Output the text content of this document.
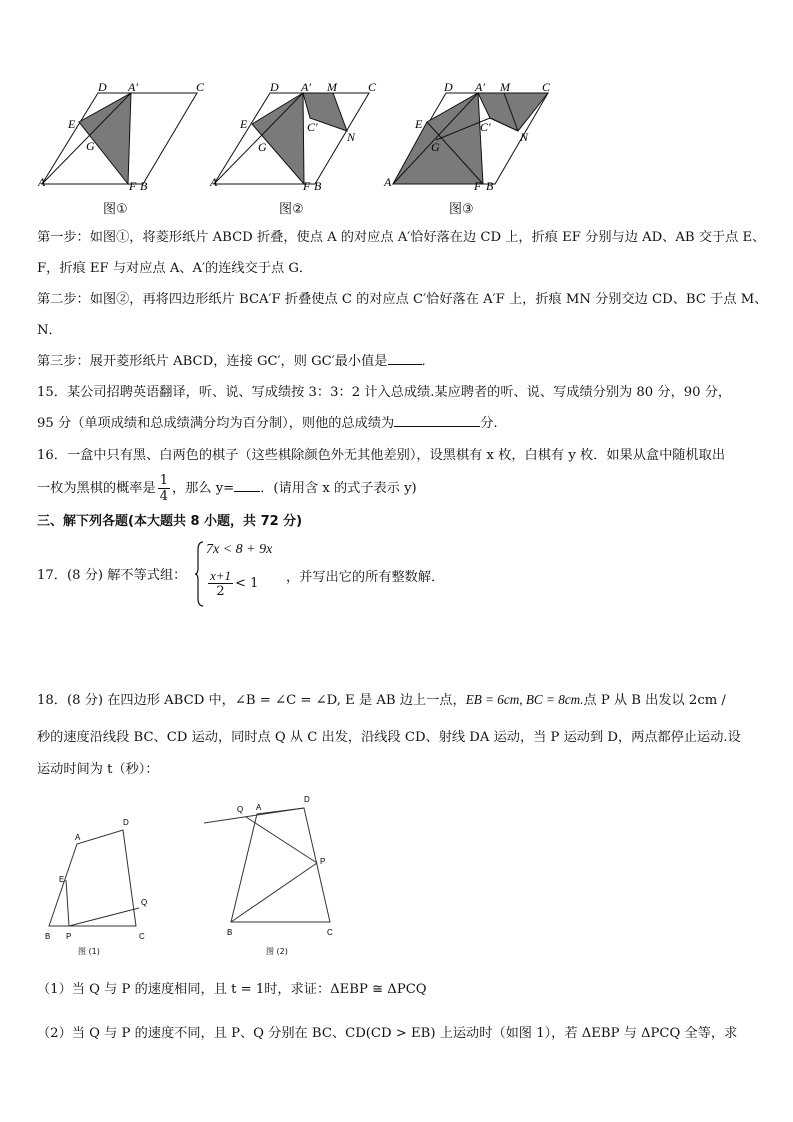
D A′	C
E
G
A	F B
D A′ M	C
E	C′
N
G
A	F B
D A′ M	C
E	C′
N
G
A	F B
图①	图②	图③
第一步：如图①，将菱形纸片 ABCD 折叠，使点 A 的对应点 A′恰好落在边 CD 上，折痕 EF 分别与边 AD、AB 交于点 E、
F，折痕 EF 与对应点 A、A′的连线交于点 G．
第二步：如图②，再将四边形纸片 BCA′F 折叠使点 C 的对应点 C′恰好落在 A′F 上，折痕 MN 分别交边 CD、BC 于点 M、
N．
第三步：展开菱形纸片 ABCD，连接 GC′，则 GC′最小值是	．
15．某公司招聘英语翻译，听、说、写成绩按 3：3：2 计入总成绩.某应聘者的听、说、写成绩分别为 80 分，90 分，
95 分（单项成绩和总成绩满分均为百分制），则他的总成绩为	分.
16．一盒中只有黑、白两色的棋子（这些棋除颜色外无其他差别），设黑棋有 x 枚，白棋有 y 枚．如果从盒中随机取出
一枚为黑棋的概率是 $\frac{1}{4}$ ，那么 y= ．(请用含 x 的式子表示 y)
三、解下列各题(本大题共 8 小题，共 72 分)
17．(8 分) 解不等式组：
7x < 8 + 9x
$\frac{x+1}{2} < 1$ ，并写出它的所有整数解．
18．(8 分) 在四边形 ABCD 中，∠B = ∠C = ∠D, E 是 AB 边上一点，EB = 6cm, BC = 8cm.点 P 从 B 出发以 2cm /
秒的速度沿线段 BC、CD 运动，同时点 Q 从 C 出发，沿线段 CD、射线 DA 运动，当 P 运动到 D，两点都停止运动.设
运动时间为 t（秒）：
A
D
E
Q
B P	C
Q A
D
P
B	C
图 (1)	图 (2)
（1）当 Q 与 P 的速度相同，且 t = 1时，求证：ΔEBP ≅ ΔPCQ
（2）当 Q 与 P 的速度不同，且 P、Q 分别在 BC、CD(CD > EB) 上运动时（如图 1），若 ΔEBP 与 ΔPCQ 全等，求
